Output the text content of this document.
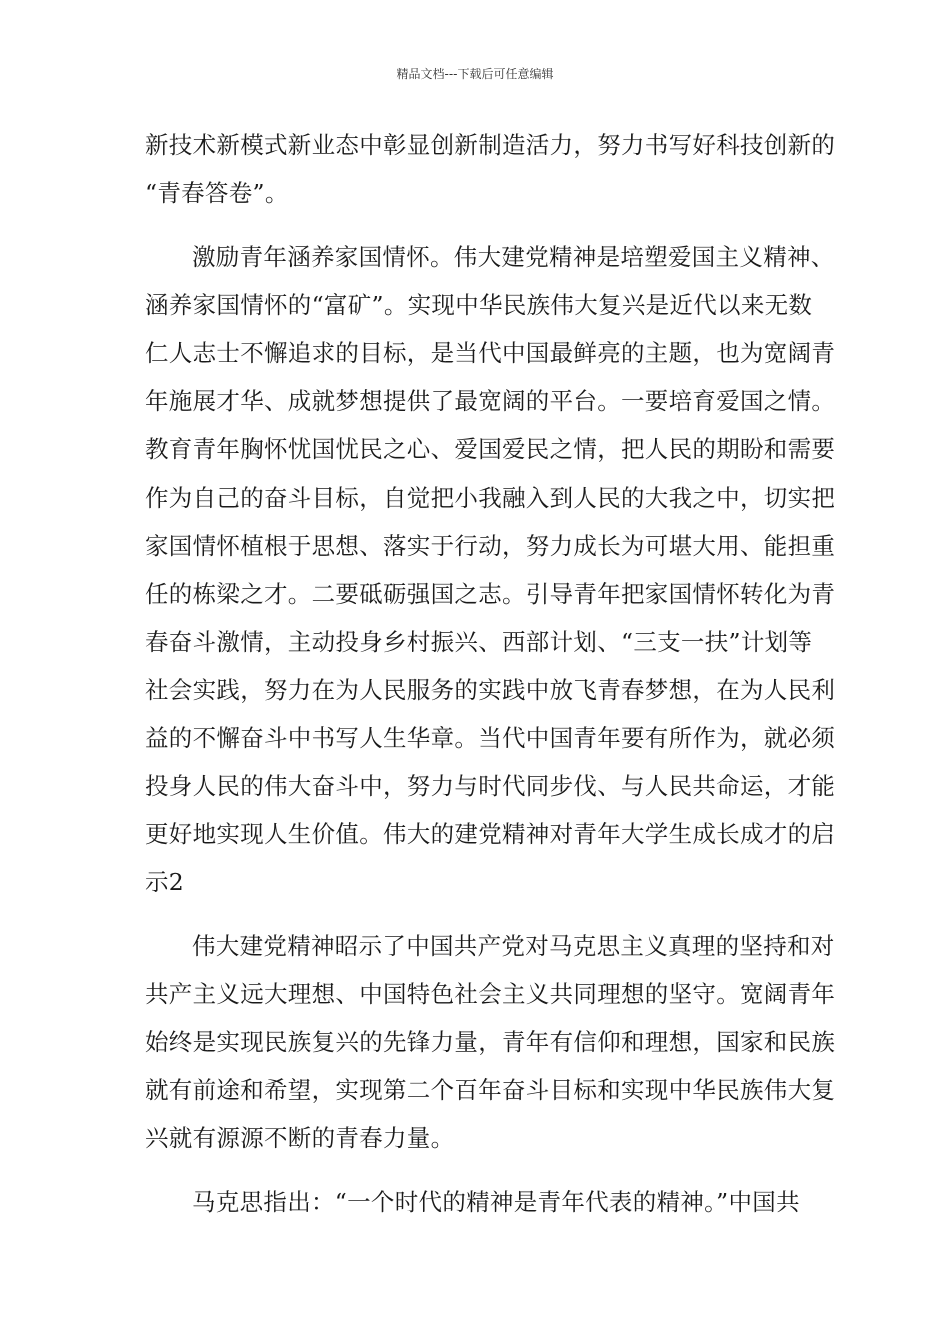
精品文档---下载后可任意编辑
新技术新模式新业态中彰显创新制造活力，努力书写好科技创新的
“青春答卷”。
激励青年涵养家国情怀。伟大建党精神是培塑爱国主义精神、
涵养家国情怀的“富矿”。实现中华民族伟大复兴是近代以来无数
仁人志士不懈追求的目标，是当代中国最鲜亮的主题，也为宽阔青
年施展才华、成就梦想提供了最宽阔的平台。一要培育爱国之情。
教育青年胸怀忧国忧民之心、爱国爱民之情，把人民的期盼和需要
作为自己的奋斗目标，自觉把小我融入到人民的大我之中，切实把
家国情怀植根于思想、落实于行动，努力成长为可堪大用、能担重
任的栋梁之才。二要砥砺强国之志。引导青年把家国情怀转化为青
春奋斗激情，主动投身乡村振兴、西部计划、“三支一扶”计划等
社会实践，努力在为人民服务的实践中放飞青春梦想，在为人民利
益的不懈奋斗中书写人生华章。当代中国青年要有所作为，就必须
投身人民的伟大奋斗中，努力与时代同步伐、与人民共命运，才能
更好地实现人生价值。伟大的建党精神对青年大学生成长成才的启
示2
伟大建党精神昭示了中国共产党对马克思主义真理的坚持和对
共产主义远大理想、中国特色社会主义共同理想的坚守。宽阔青年
始终是实现民族复兴的先锋力量，青年有信仰和理想，国家和民族
就有前途和希望，实现第二个百年奋斗目标和实现中华民族伟大复
兴就有源源不断的青春力量。
马克思指出：“一个时代的精神是青年代表的精神。”中国共
